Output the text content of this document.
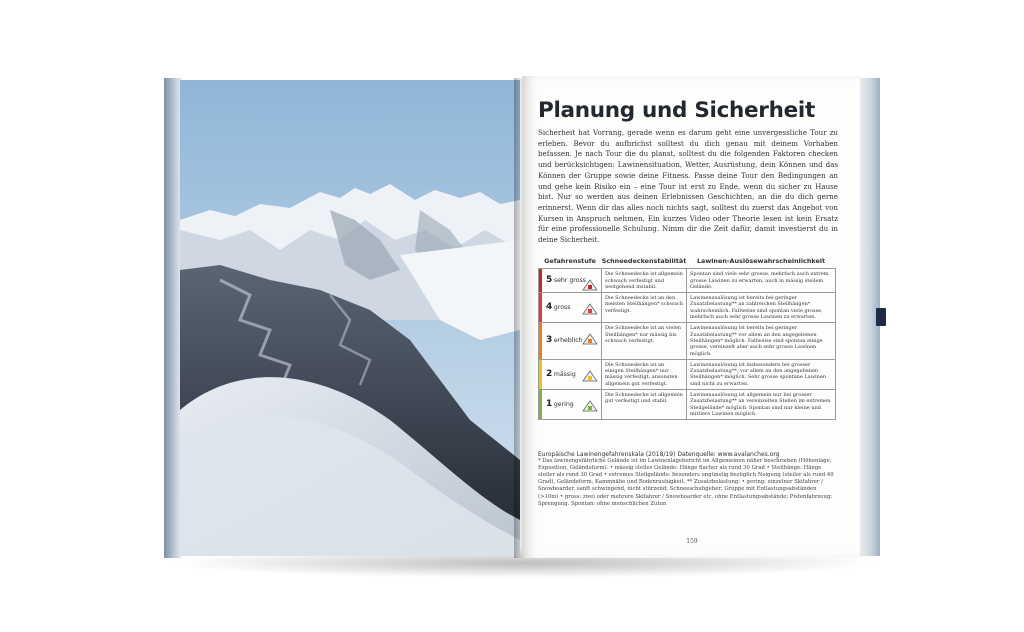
Planung und Sicherheit
Sicherheit hat Vorrang, gerade wenn es darum geht eine unvergessliche Tour zu erleben. Bevor du aufbrichst solltest du dich genau mit deinem Vorhaben befassen. Je nach Tour die du planst, solltest du die folgenden Faktoren checken und berücksichtigen: Lawinensituation, Wetter, Ausrüstung, dein Können und das Können der Gruppe sowie deine Fitness. Passe deine Tour den Bedingungen an und gehe kein Risiko ein – eine Tour ist erst zu Ende, wenn du sicher zu Hause bist. Nur so werden aus deinen Erlebnissen Geschichten, an die du dich gerne erinnerst. Wenn dir das alles noch nichts sagt, solltest du zuerst das Angebot von Kursen in Anspruch nehmen. Ein kurzes Video oder Theorie lesen ist kein Ersatz für eine professionelle Schulung. Nimm dir die Zeit dafür, damit investierst du in deine Sicherheit.
Gefahrenstufe	Schneedeckenstabilität	Lawinen-Auslösewahrscheinlichkeit

5 sehr gross	Die Schneedecke ist allgemein schwach verfestigt und weitgehend instabil.	Spontan sind viele sehr grosse, mehrfach auch extrem grosse Lawinen zu erwarten, auch in mässig steilem Gelände.

4 gross	Die Schneedecke ist an den meisten Steilhängen* schwach verfestigt.	Lawinenauslösung ist bereits bei geringer Zusatzbelastung** an zahlreichen Steilhängen* wahrscheinlich. Fallweise sind spontan viele grosse, mehrfach auch sehr grosse Lawinen zu erwarten.

3 erheblich	Die Schneedecke ist an vielen Steilhängen* nur mässig bis schwach verfestigt.	Lawinenauslösung ist bereits bei geringer Zusatzbelastung** vor allem an den angegebenen Steilhängen* möglich. Fallweise sind spontan einige grosse, vereinzelt aber auch sehr grosse Lawinen möglich.

2 mässig	Die Schneedecke ist an einigen Steilhängen* nur mässig verfestigt, ansonsten allgemein gut verfestigt.	Lawinenauslösung ist insbesondere bei grosser Zusatzbelastung**, vor allem an den angegebenen Steilhängen* möglich. Sehr grosse spontane Lawinen sind nicht zu erwarten.

1 gering	Die Schneedecke ist allgemein gut verfestigt und stabil.	Lawinenauslösung ist allgemein nur bei grosser Zusatzbelastung** an vereinzelten Stellen im extremen Steilgelände* möglich. Spontan sind nur kleine und mittlere Lawinen möglich.
Europäische Lawinengefahrenskala (2018/19) Datenquelle: www.avalanches.org
* Das lawinengefährliche Gelände ist im Lawinenlagebericht im Allgemeinen näher beschrieben (Höhenlage, Exposition, Geländeform). • mässig steiles Gelände: Hänge flacher als rund 30 Grad • Steilhänge: Hänge steiler als rund 30 Grad • extremes Steilgelände: besonders ungünstig bezüglich Neigung (steiler als rund 40 Grad), Geländeform, Kammnähe und Bodenrauhigkeit. ** Zusatzbelastung: • gering: einzelner Skifahrer / Snowboarder, sanft schwingend, nicht stürzend; Schneeschuhgeher; Gruppe mit Entlastungsabständen (>10m) • gross: zwei oder mehrere Skifahrer / Snowboarder etc. ohne Entlastungsabstände; Pistenfahrzeug; Sprengung. Spontan: ohne menschlichen Zutun
159
